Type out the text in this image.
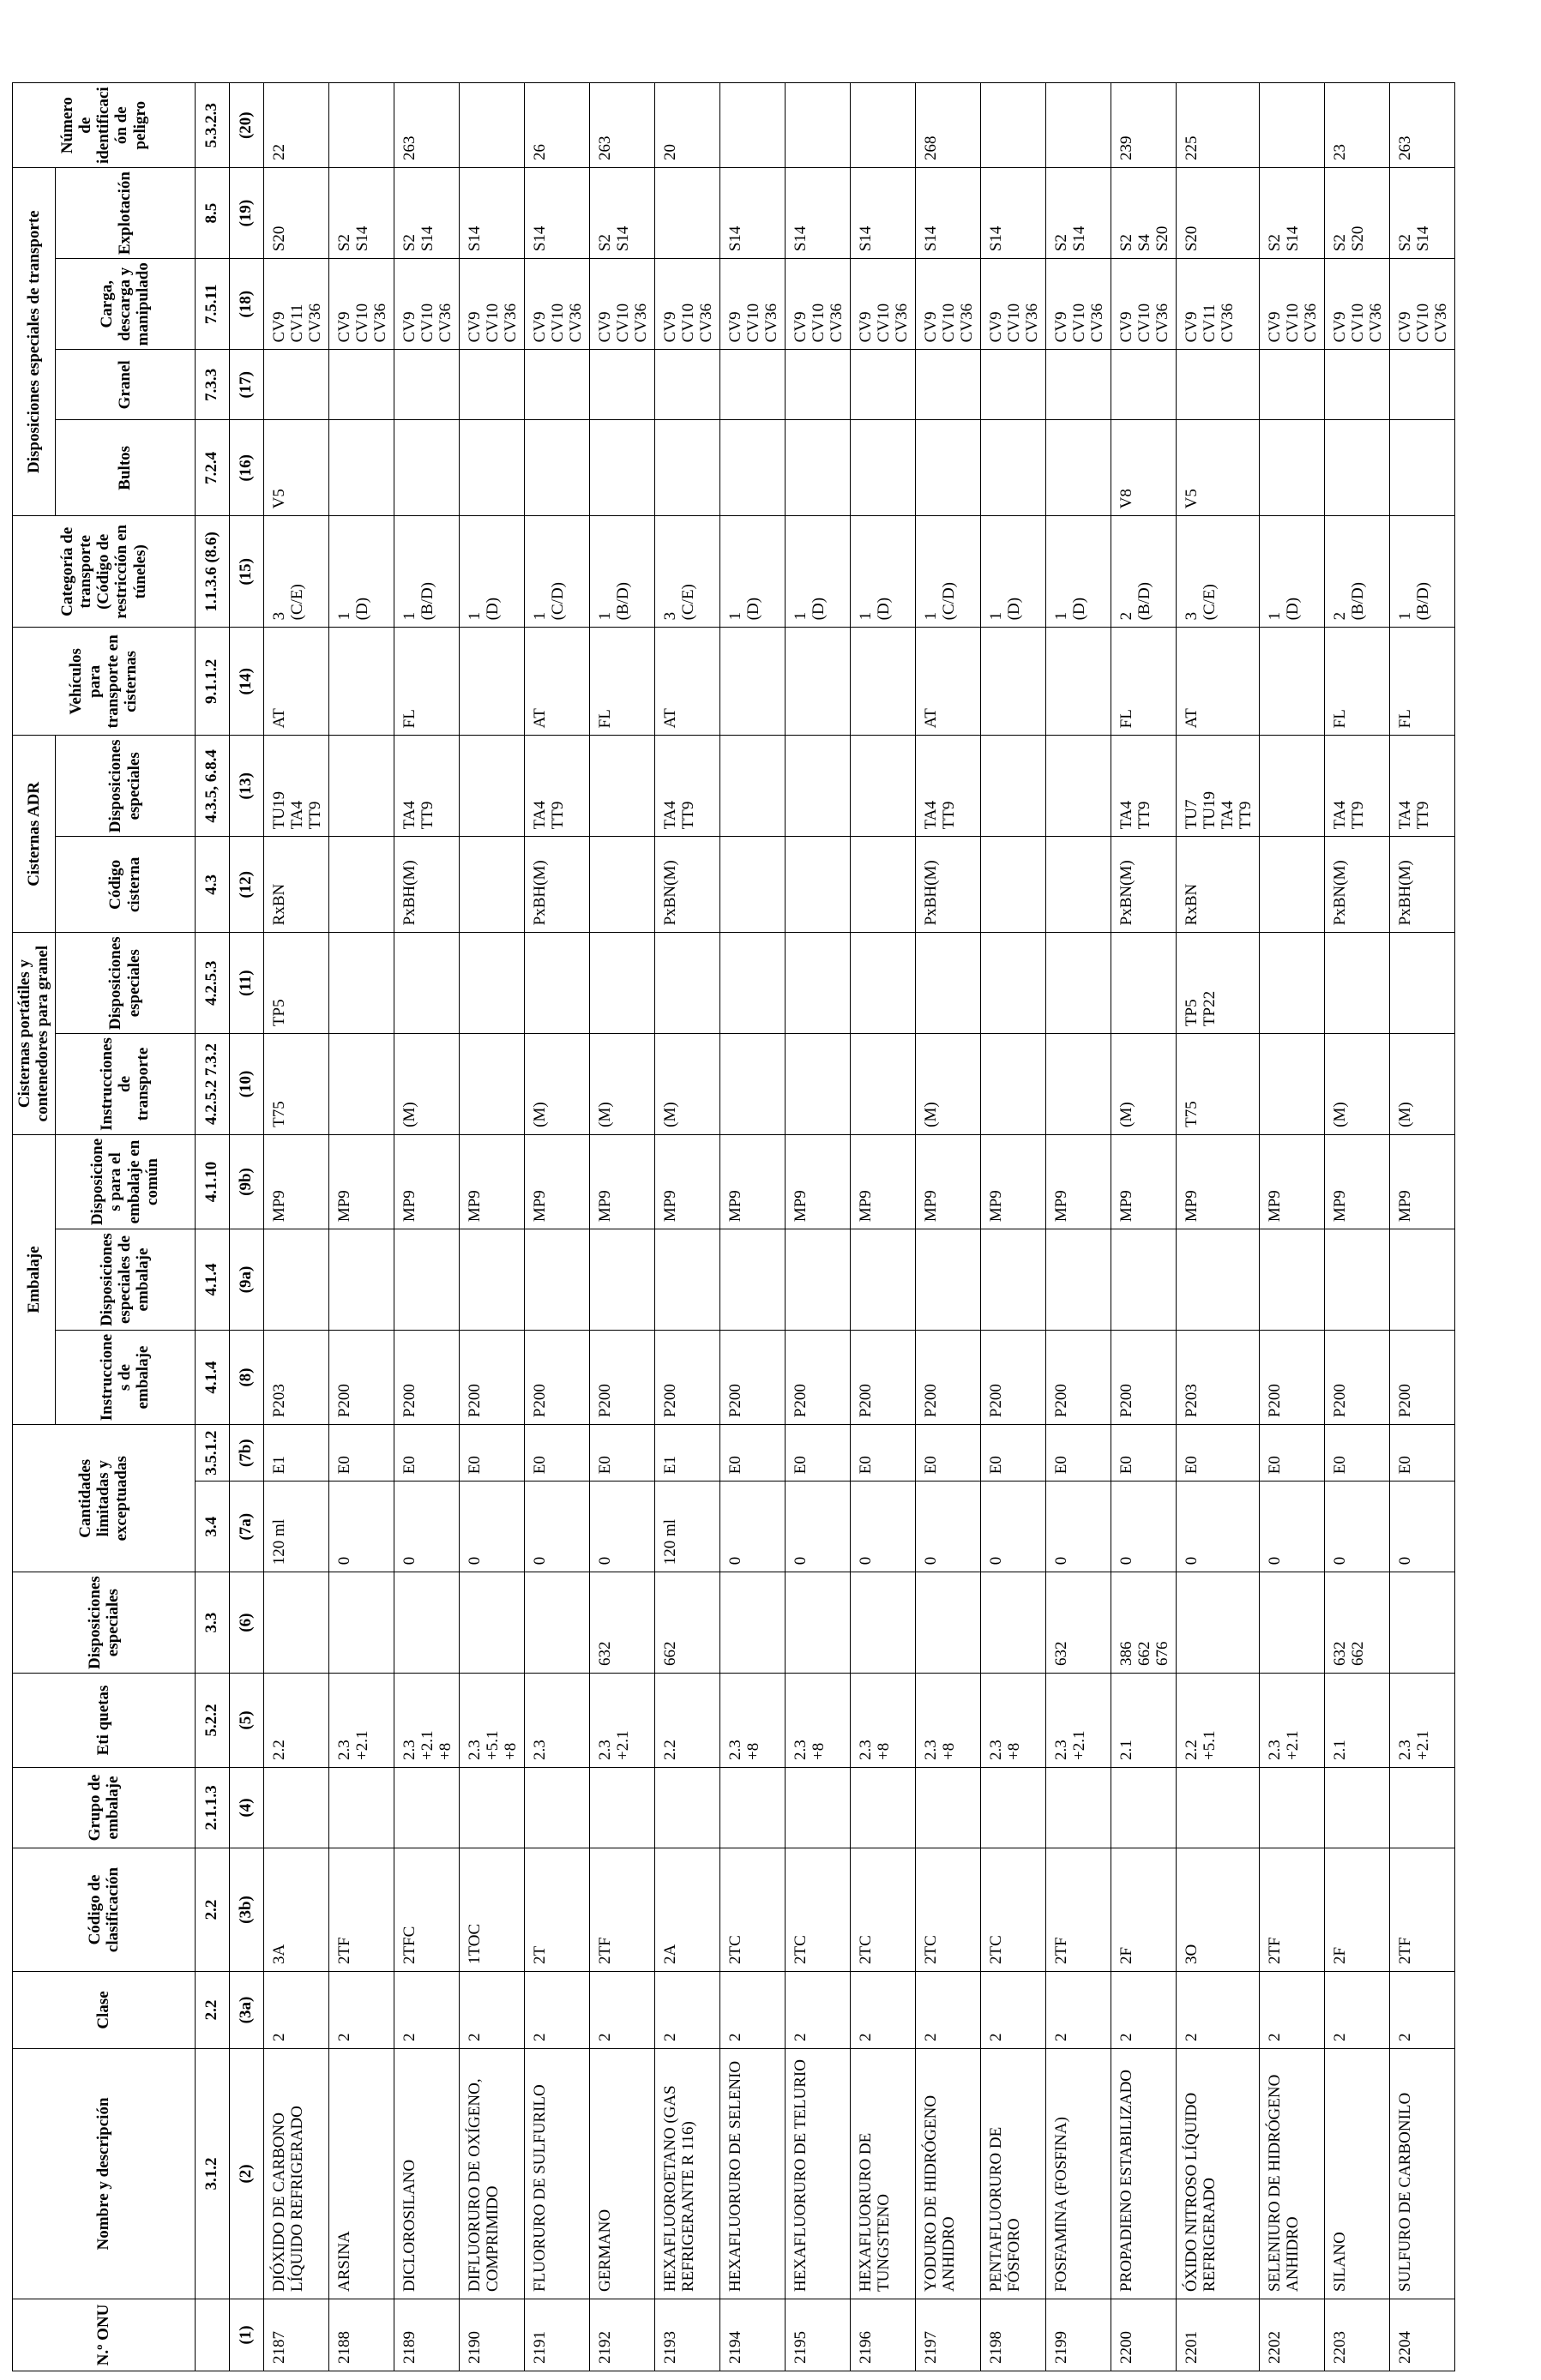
N.º ONU	Nombre y descripción	Clase	Código de clasificación	Grupo de embalaje	Eti quetas	Disposiciones especiales	Cantidades limitadas y exceptuadas		Embalaje			Cisternas portátiles y contenedores para granel		Cisternas ADR		Vehículos para transporte en cisternas	Categoría de transporte (Código de restricción en túneles)	Disposiciones especiales de transporte				Número de identificaci ón de peligro
									Instruccione s de embalaje	Disposiciones especiales de embalaje	Disposicione s para el embalaje en común	Instrucciones de transporte	Disposiciones especiales	Código cisterna	Disposiciones especiales			Bultos	Granel	Carga, descarga y manipulado	Explotación	
	3.1.2	2.2	2.2	2.1.1.3	5.2.2	3.3	3.4	3.5.1.2	4.1.4	4.1.4	4.1.10	4.2.5.2 7.3.2	4.2.5.3	4.3	4.3.5, 6.8.4	9.1.1.2	1.1.3.6 (8.6)	7.2.4	7.3.3	7.5.11	8.5	5.3.2.3
(1)	(2)	(3a)	(3b)	(4)	(5)	(6)	(7a)	(7b)	(8)	(9a)	(9b)	(10)	(11)	(12)	(13)	(14)	(15)	(16)	(17)	(18)	(19)	(20)
2187	DIÓXIDO DE CARBONO LÍQUIDO REFRIGERADO	2	3A		2.2		120 ml	E1	P203		MP9	T75	TP5	RxBN	TU19
TA4
TT9	AT	3
(C/E)	V5		CV9
CV11
CV36	S20	22
2188	ARSINA	2	2TF		2.3
+2.1		0	E0	P200		MP9						1
(D)			CV9
CV10
CV36	S2
S14	
2189	DICLOROSILANO	2	2TFC		2.3
+2.1
+8		0	E0	P200		MP9	(M)		PxBH(M)	TA4
TT9	FL	1
(B/D)			CV9
CV10
CV36	S2
S14	263
2190	DIFLUORURO DE OXÍGENO, COMPRIMIDO	2	1TOC		2.3
+5.1
+8		0	E0	P200		MP9						1
(D)			CV9
CV10
CV36	S14	
2191	FLUORURO DE SULFURILO	2	2T		2.3		0	E0	P200		MP9	(M)		PxBH(M)	TA4
TT9	AT	1
(C/D)			CV9
CV10
CV36	S14	26
2192	GERMANO	2	2TF		2.3
+2.1	632	0	E0	P200		MP9	(M)				FL	1
(B/D)			CV9
CV10
CV36	S2
S14	263
2193	HEXAFLUOROETANO (GAS REFRIGERANTE R 116)	2	2A		2.2	662	120 ml	E1	P200		MP9	(M)		PxBN(M)	TA4
TT9	AT	3
(C/E)			CV9
CV10
CV36		20
2194	HEXAFLUORURO DE SELENIO	2	2TC		2.3
+8		0	E0	P200		MP9						1
(D)			CV9
CV10
CV36	S14	
2195	HEXAFLUORURO DE TELURIO	2	2TC		2.3
+8		0	E0	P200		MP9						1
(D)			CV9
CV10
CV36	S14	
2196	HEXAFLUORURO DE TUNGSTENO	2	2TC		2.3
+8		0	E0	P200		MP9						1
(D)			CV9
CV10
CV36	S14	
2197	YODURO DE HIDRÓGENO ANHIDRO	2	2TC		2.3
+8		0	E0	P200		MP9	(M)		PxBH(M)	TA4
TT9	AT	1
(C/D)			CV9
CV10
CV36	S14	268
2198	PENTAFLUORURO DE FÓSFORO	2	2TC		2.3
+8		0	E0	P200		MP9						1
(D)			CV9
CV10
CV36	S14	
2199	FOSFAMINA (FOSFINA)	2	2TF		2.3
+2.1	632	0	E0	P200		MP9						1
(D)			CV9
CV10
CV36	S2
S14	
2200	PROPADIENO ESTABILIZADO	2	2F		2.1	386
662
676	0	E0	P200		MP9	(M)		PxBN(M)	TA4
TT9	FL	2
(B/D)	V8		CV9
CV10
CV36	S2
S4
S20	239
2201	ÓXIDO NITROSO LÍQUIDO REFRIGERADO	2	3O		2.2
+5.1		0	E0	P203		MP9	T75	TP5
TP22	RxBN	TU7
TU19
TA4
TT9	AT	3
(C/E)	V5		CV9
CV11
CV36	S20	225
2202	SELENIURO DE HIDRÓGENO ANHIDRO	2	2TF		2.3
+2.1		0	E0	P200		MP9						1
(D)			CV9
CV10
CV36	S2
S14	
2203	SILANO	2	2F		2.1	632
662	0	E0	P200		MP9	(M)		PxBN(M)	TA4
TT9	FL	2
(B/D)			CV9
CV10
CV36	S2
S20	23
2204	SULFURO DE CARBONILO	2	2TF		2.3
+2.1		0	E0	P200		MP9	(M)		PxBH(M)	TA4
TT9	FL	1
(B/D)			CV9
CV10
CV36	S2
S14	263
